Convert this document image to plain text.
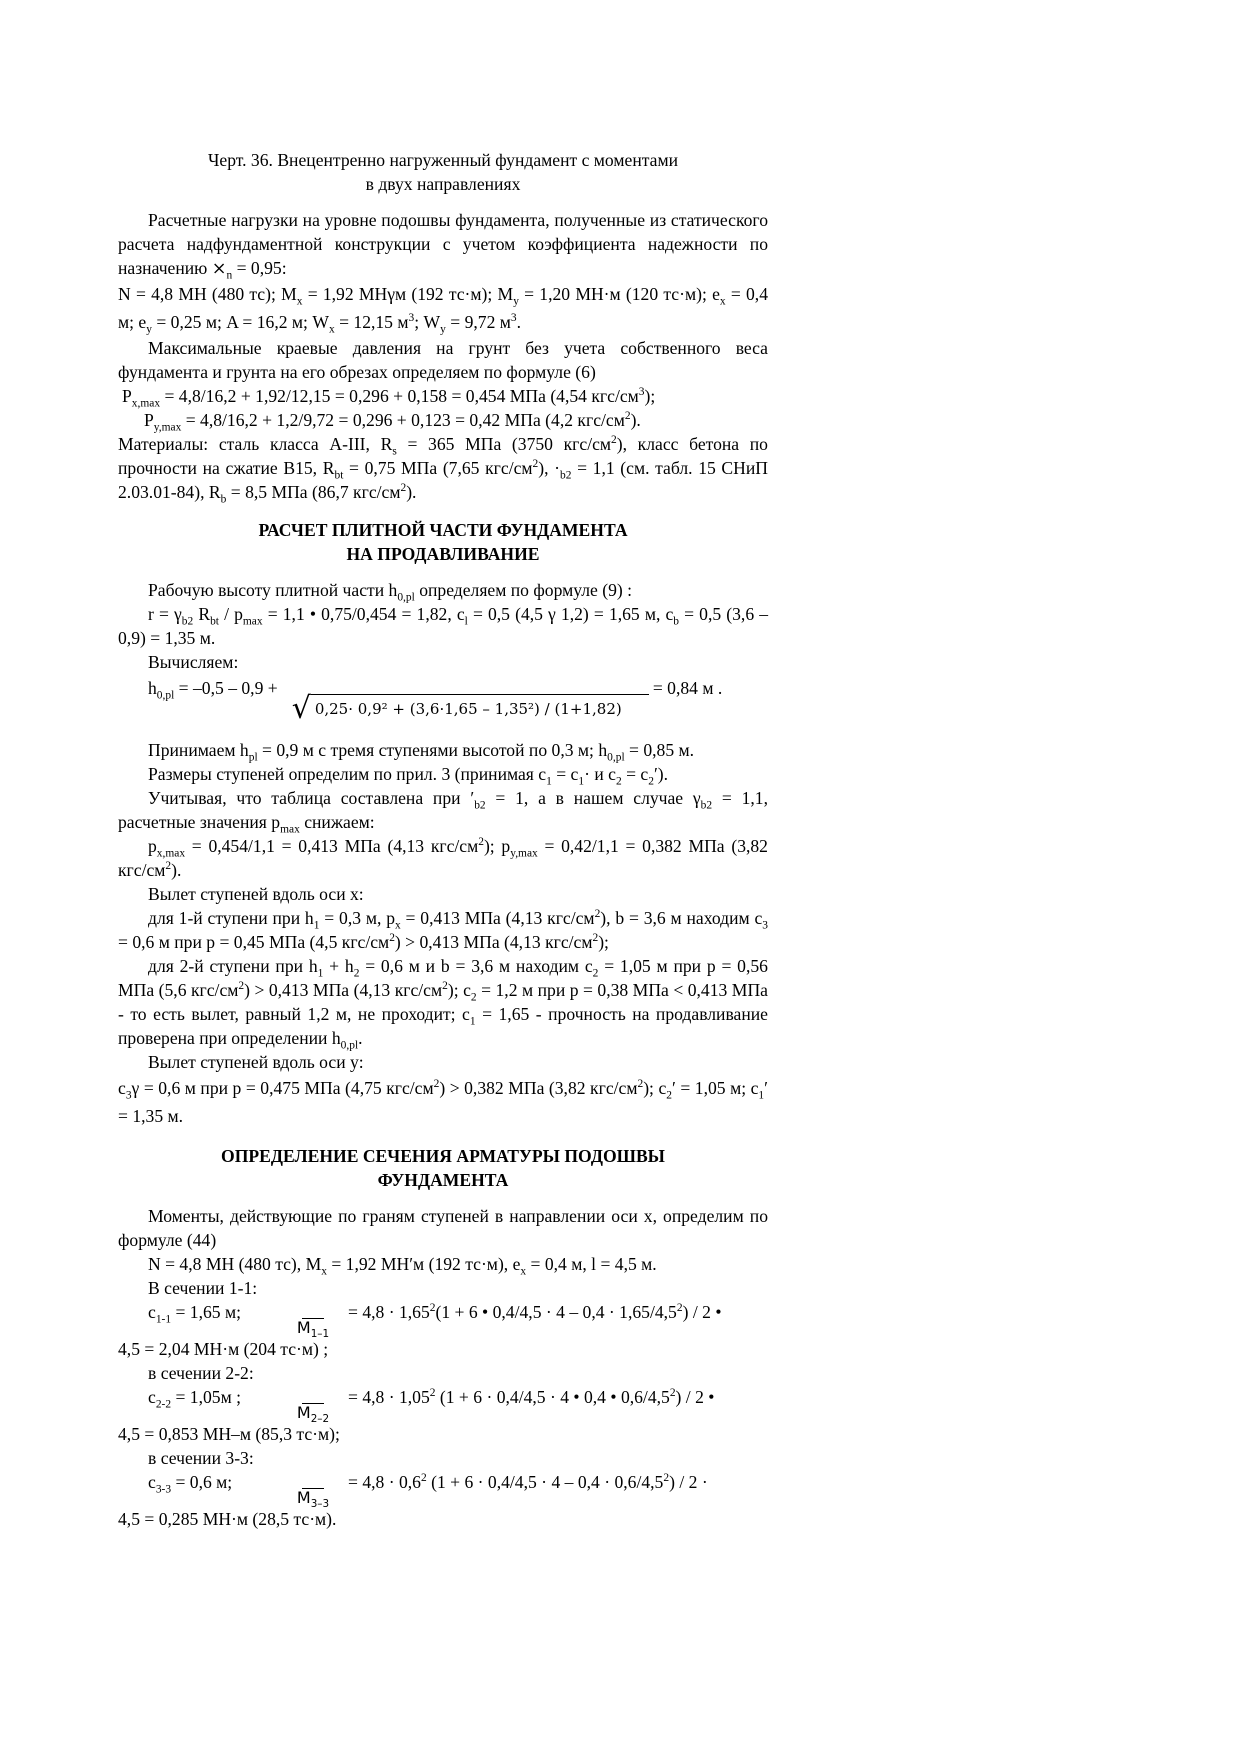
Черт. 36. Внецентренно нагруженный фундамент с моментами
в двух направлениях

Расчетные нагрузки на уровне подошвы фундамента, полученные из статического расчета надфундаментной конструкции с учетом коэффициента надежности по назначению $⨯_n = 0,95$:

N = 4,8 МН (480 тс); $M_x = 1,92$ МНγм (192 тс·м); $M_y = 1,20$ МН·м (120 тс·м); $e_x = 0,4$ м; $e_y = 0,25$ м; A = 16,2 м; $W_x = 12,15$ $м^3$; $W_y = 9,72$ $м^3$.

Максимальные краевые давления на грунт без учета собственного веса фундамента и грунта на его обрезах определяем по формуле (6)

$P_{x,max} = 4,8/16,2 + 1,92/12,15 = 0,296 + 0,158 = 0,454$ МПа (4,54 кгс/$см^3$);

$P_{y,max} = 4,8/16,2 + 1,2/9,72 = 0,296 + 0,123 = 0,42$ МПа (4,2 кгс/$см^2$).

Материалы: сталь класса А-III, $R_s = 365$ МПа (3750 кгс/$см^2$), класс бетона по прочности на сжатие В15, $R_{bt} = 0,75$ МПа (7,65 кгс/$см^2$), $\cdot_{b2} = 1,1$ (см. табл. 15 СНиП 2.03.01-84), $R_b = 8,5$ МПа (86,7 кгс/$см^2$).

РАСЧЕТ ПЛИТНОЙ ЧАСТИ ФУНДАМЕНТА
НА ПРОДАВЛИВАНИЕ

Рабочую высоту плитной части $h_{0,pl}$ определяем по формуле (9) :

$r = \gamma_{b2}$ $R_{bt} / p_{max} = 1,1$ • 0,75/0,454 = 1,82, $c_l = 0,5$ (4,5 γ 1,2) = 1,65 м, $c_b = 0,5$ (3,6 – 0,9) = 1,35 м.

Вычисляем:

$h_{0,pl} = -0,5 - 0,9$ +
√ 0,25· 0,9² + (3,6·1,65 – 1,35²) / (1+1,82)
= 0,84 м .

Принимаем $h_{pl} = 0,9$ м с тремя ступенями высотой по 0,3 м; $h_{0,pl} = 0,85$ м.

Размеры ступеней определим по прил. 3 (принимая $c_1 = c_1\cdot и$ $c_2 = c_2'$).

Учитывая, что таблица составлена при $'_{b2} = 1$, а в нашем случае $\gamma_{b2} = 1,1$, расчетные значения $p_{max}$ снижаем:

$p_{x,max} = 0,454/1,1 = 0,413$ МПа (4,13 кгс/$см^2$); $p_{y,max} = 0,42/1,1 = 0,382$ МПа (3,82 кгс/$см^2$).

Вылет ступеней вдоль оси x:

для 1-й ступени при $h_1 = 0,3$ м, $p_x = 0,413$ МПа (4,13 кгс/$см^2$), b = 3,6 м находим $c_3 = 0,6$ м при p = 0,45 МПа (4,5 кгс/$см^2) > 0,413$ МПа (4,13 кгс/$см^2$);

для 2-й ступени при $h_1 + h_2 = 0,6$ м и b = 3,6 м находим $c_2 = 1,05$ м при p = 0,56 МПа (5,6 кгс/$см^2) > 0,413$ МПа (4,13 кгс/$см^2$); $c_2 = 1,2$ м при p = 0,38 МПа < 0,413 МПа - то есть вылет, равный 1,2 м, не проходит; $c_1 = 1,65$ - прочность на продавливание проверена при определении $h_{0,pl}$.

Вылет ступеней вдоль оси y:

$c_3\gamma = 0,6$ м при p = 0,475 МПа (4,75 кгс/$см^2) > 0,382$ МПа (3,82 кгс/$см^2$); $c_2' = 1,05$ м; $c_1' = 1,35$ м.

ОПРЕДЕЛЕНИЕ СЕЧЕНИЯ АРМАТУРЫ ПОДОШВЫ
ФУНДАМЕНТА

Моменты, действующие по граням ступеней в направлении оси x, определим по формуле (44)

N = 4,8 МН (480 тс), $M_x = 1,92$ МН′м (192 тс·м), $e_x = 0,4$ м, l = 4,5 м.

В сечении 1-1:

$c_{1-1} = 1,65$ м;
$M_{1-1}$
= $4,8 \cdot 1,65^2(1 + 6$ • $0,4/4,5 \cdot 4 - 0,4 \cdot 1,65/4,5^2) / 2$ •

4,5 = 2,04 МН·м (204 тс·м) ;

в сечении 2-2:

$c_{2-2} = 1,05м$ ;
$M_{2-2}$
= $4,8 \cdot 1,05^2$ (1 + 6 · 0,4/4,5 · 4 • 0,4 • $0,6/4,5^2) / 2$ •

4,5 = 0,853 МН–м (85,3 тс·м);

в сечении 3-3:

$c_{3-3} = 0,6$ м;
$M_{3-3}$
= $4,8 \cdot 0,6^2$ $(1 + 6 \cdot 0,4/4,5 \cdot 4 - 0,4 \cdot 0,6/4,5^2) / 2$ ·

4,5 = 0,285 МН·м (28,5 тс·м).
